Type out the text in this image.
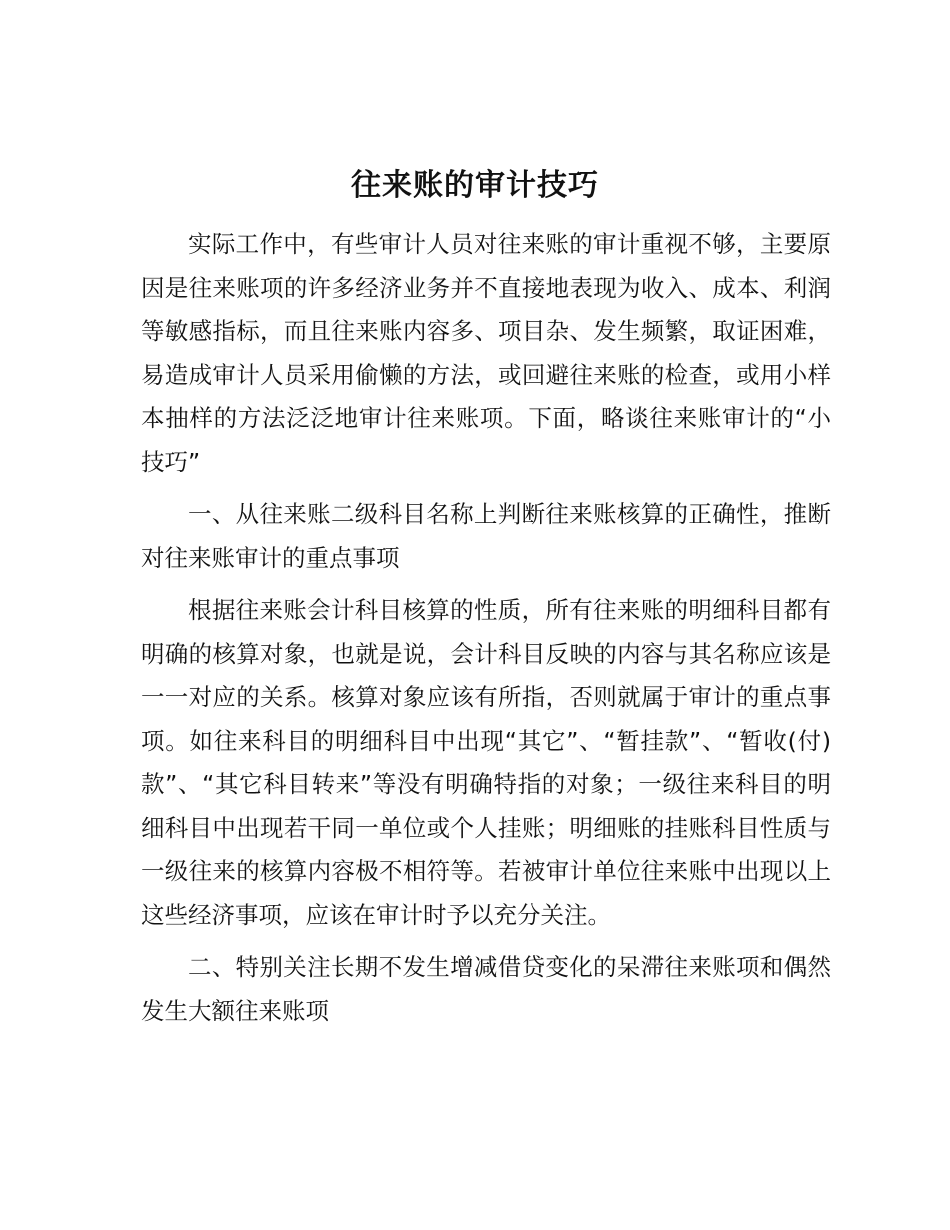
往来账的审计技巧

实际工作中，有些审计人员对往来账的审计重视不够，主要原因是往来账项的许多经济业务并不直接地表现为收入、成本、利润等敏感指标，而且往来账内容多、项目杂、发生频繁，取证困难，易造成审计人员采用偷懒的方法，或回避往来账的检查，或用小样本抽样的方法泛泛地审计往来账项。下面，略谈往来账审计的“小技巧”

一、从往来账二级科目名称上判断往来账核算的正确性，推断对往来账审计的重点事项

根据往来账会计科目核算的性质，所有往来账的明细科目都有明确的核算对象，也就是说，会计科目反映的内容与其名称应该是一一对应的关系。核算对象应该有所指，否则就属于审计的重点事项。如往来科目的明细科目中出现“其它”、“暂挂款”、“暂收(付)款”、“其它科目转来”等没有明确特指的对象；一级往来科目的明细科目中出现若干同一单位或个人挂账；明细账的挂账科目性质与一级往来的核算内容极不相符等。若被审计单位往来账中出现以上这些经济事项，应该在审计时予以充分关注。

二、特别关注长期不发生增减借贷变化的呆滞往来账项和偶然发生大额往来账项
